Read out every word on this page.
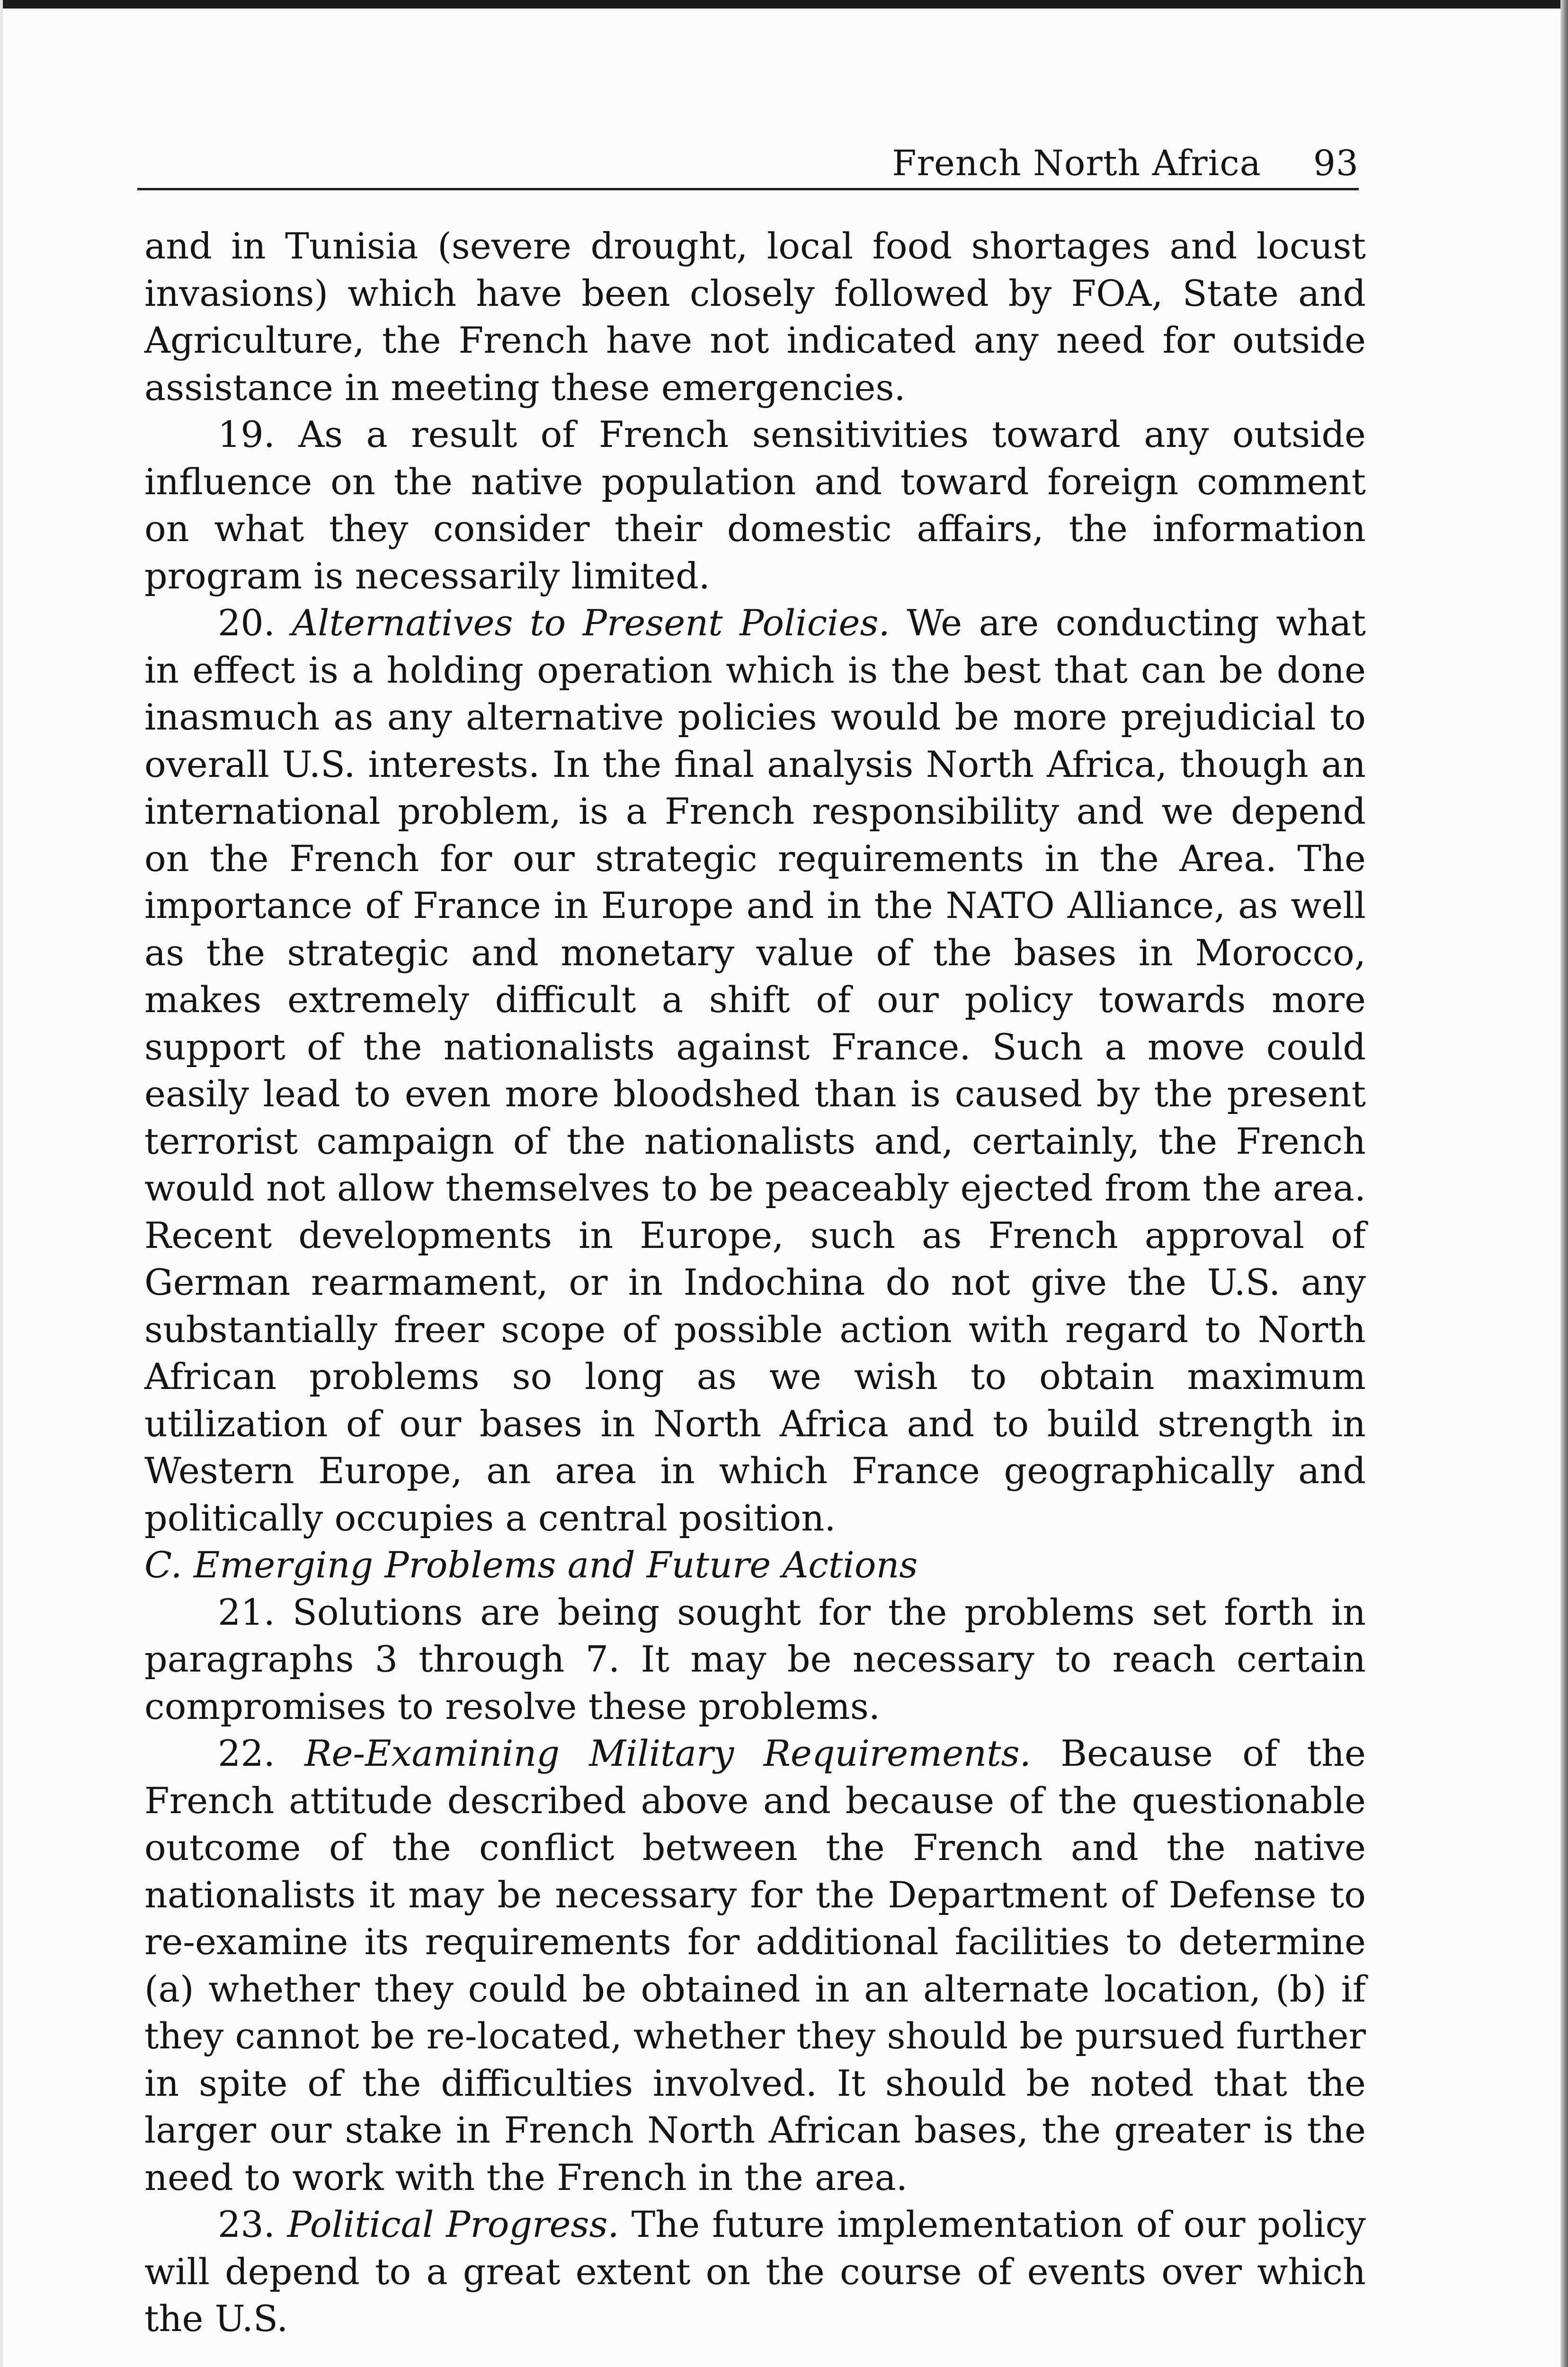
French North Africa 93

and in Tunisia (severe drought, local food shortages and locust invasions) which have been closely followed by FOA, State and Agriculture, the French have not indicated any need for outside assistance in meeting these emergencies.

19. As a result of French sensitivities toward any outside influence on the native population and toward foreign comment on what they consider their domestic affairs, the information program is necessarily limited.

20. Alternatives to Present Policies. We are conducting what in effect is a holding operation which is the best that can be done inasmuch as any alternative policies would be more prejudicial to overall U.S. interests. In the final analysis North Africa, though an international problem, is a French responsibility and we depend on the French for our strategic requirements in the Area. The importance of France in Europe and in the NATO Alliance, as well as the strategic and monetary value of the bases in Morocco, makes extremely difficult a shift of our policy towards more support of the nationalists against France. Such a move could easily lead to even more bloodshed than is caused by the present terrorist campaign of the nationalists and, certainly, the French would not allow themselves to be peaceably ejected from the area. Recent developments in Europe, such as French approval of German rearmament, or in Indochina do not give the U.S. any substantially freer scope of possible action with regard to North African problems so long as we wish to obtain maximum utilization of our bases in North Africa and to build strength in Western Europe, an area in which France geographically and politically occupies a central position.

C. Emerging Problems and Future Actions

21. Solutions are being sought for the problems set forth in paragraphs 3 through 7. It may be necessary to reach certain compromises to resolve these problems.

22. Re-Examining Military Requirements. Because of the French attitude described above and because of the questionable outcome of the conflict between the French and the native nationalists it may be necessary for the Department of Defense to re-examine its requirements for additional facilities to determine (a) whether they could be obtained in an alternate location, (b) if they cannot be re-located, whether they should be pursued further in spite of the difficulties involved. It should be noted that the larger our stake in French North African bases, the greater is the need to work with the French in the area.

23. Political Progress. The future implementation of our policy will depend to a great extent on the course of events over which the U.S.
